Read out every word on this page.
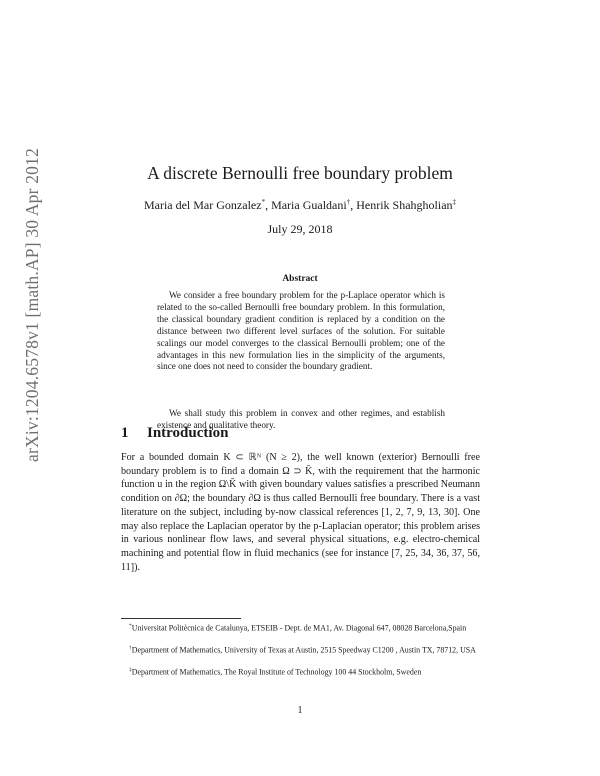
arXiv:1204.6578v1 [math.AP] 30 Apr 2012	A discrete Bernoulli free boundary problem
Maria del Mar Gonzalez*, Maria Gualdani†, Henrik Shahgholian‡
July 29, 2018
Abstract

We consider a free boundary problem for the p-Laplace operator which is related to the so-called Bernoulli free boundary problem. In this formulation, the classical boundary gradient condition is replaced by a condition on the distance between two different level surfaces of the solution. For suitable scalings our model converges to the classical Bernoulli problem; one of the advantages in this new formulation lies in the simplicity of the arguments, since one does not need to consider the boundary gradient.

We shall study this problem in convex and other regimes, and establish existence and qualitative theory.

1 Introduction

For a bounded domain K ⊂ ℝᴺ (N ≥ 2), the well known (exterior) Bernoulli free boundary problem is to find a domain Ω ⊃ K̄, with the requirement that the harmonic function u in the region Ω\K̄ with given boundary values satisfies a prescribed Neumann condition on ∂Ω; the boundary ∂Ω is thus called Bernoulli free boundary. There is a vast literature on the subject, including by-now classical references [1, 2, 7, 9, 13, 30]. One may also replace the Laplacian operator by the p-Laplacian operator; this problem arises in various nonlinear flow laws, and several physical situations, e.g. electro-chemical machining and potential flow in fluid mechanics (see for instance [7, 25, 34, 36, 37, 56, 11]).

*Universitat Politècnica de Catalunya, ETSEIB - Dept. de MA1, Av. Diagonal 647, 08028 Barcelona,Spain

†Department of Mathematics, University of Texas at Austin, 2515 Speedway C1200 , Austin TX, 78712, USA

‡Department of Mathematics, The Royal Institute of Technology 100 44 Stockholm, Sweden

1
